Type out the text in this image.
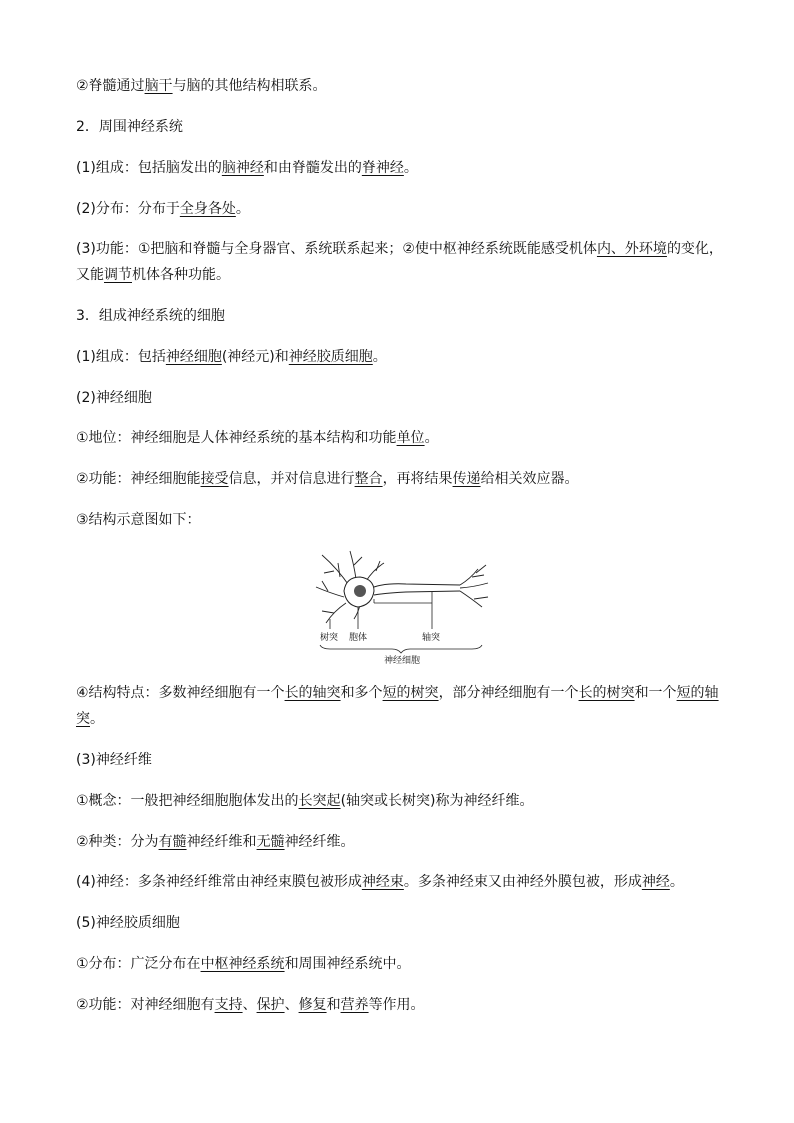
②脊髓通过脑干与脑的其他结构相联系。
2．周围神经系统
(1)组成：包括脑发出的脑神经和由脊髓发出的脊神经。
(2)分布：分布于全身各处。
(3)功能：①把脑和脊髓与全身器官、系统联系起来；②使中枢神经系统既能感受机体内、外环境的变化，又能调节机体各种功能。
3．组成神经系统的细胞
(1)组成：包括神经细胞(神经元)和神经胶质细胞。
(2)神经细胞
①地位：神经细胞是人体神经系统的基本结构和功能单位。
②功能：神经细胞能接受信息，并对信息进行整合，再将结果传递给相关效应器。
③结构示意图如下：
④结构特点：多数神经细胞有一个长的轴突和多个短的树突，部分神经细胞有一个长的树突和一个短的轴突。
(3)神经纤维
①概念：一般把神经细胞胞体发出的长突起(轴突或长树突)称为神经纤维。
②种类：分为有髓神经纤维和无髓神经纤维。
(4)神经：多条神经纤维常由神经束膜包被形成神经束。多条神经束又由神经外膜包被，形成神经。
(5)神经胶质细胞
①分布：广泛分布在中枢神经系统和周围神经系统中。
②功能：对神经细胞有支持、保护、修复和营养等作用。
树突 胞体	轴突
神经细胞
